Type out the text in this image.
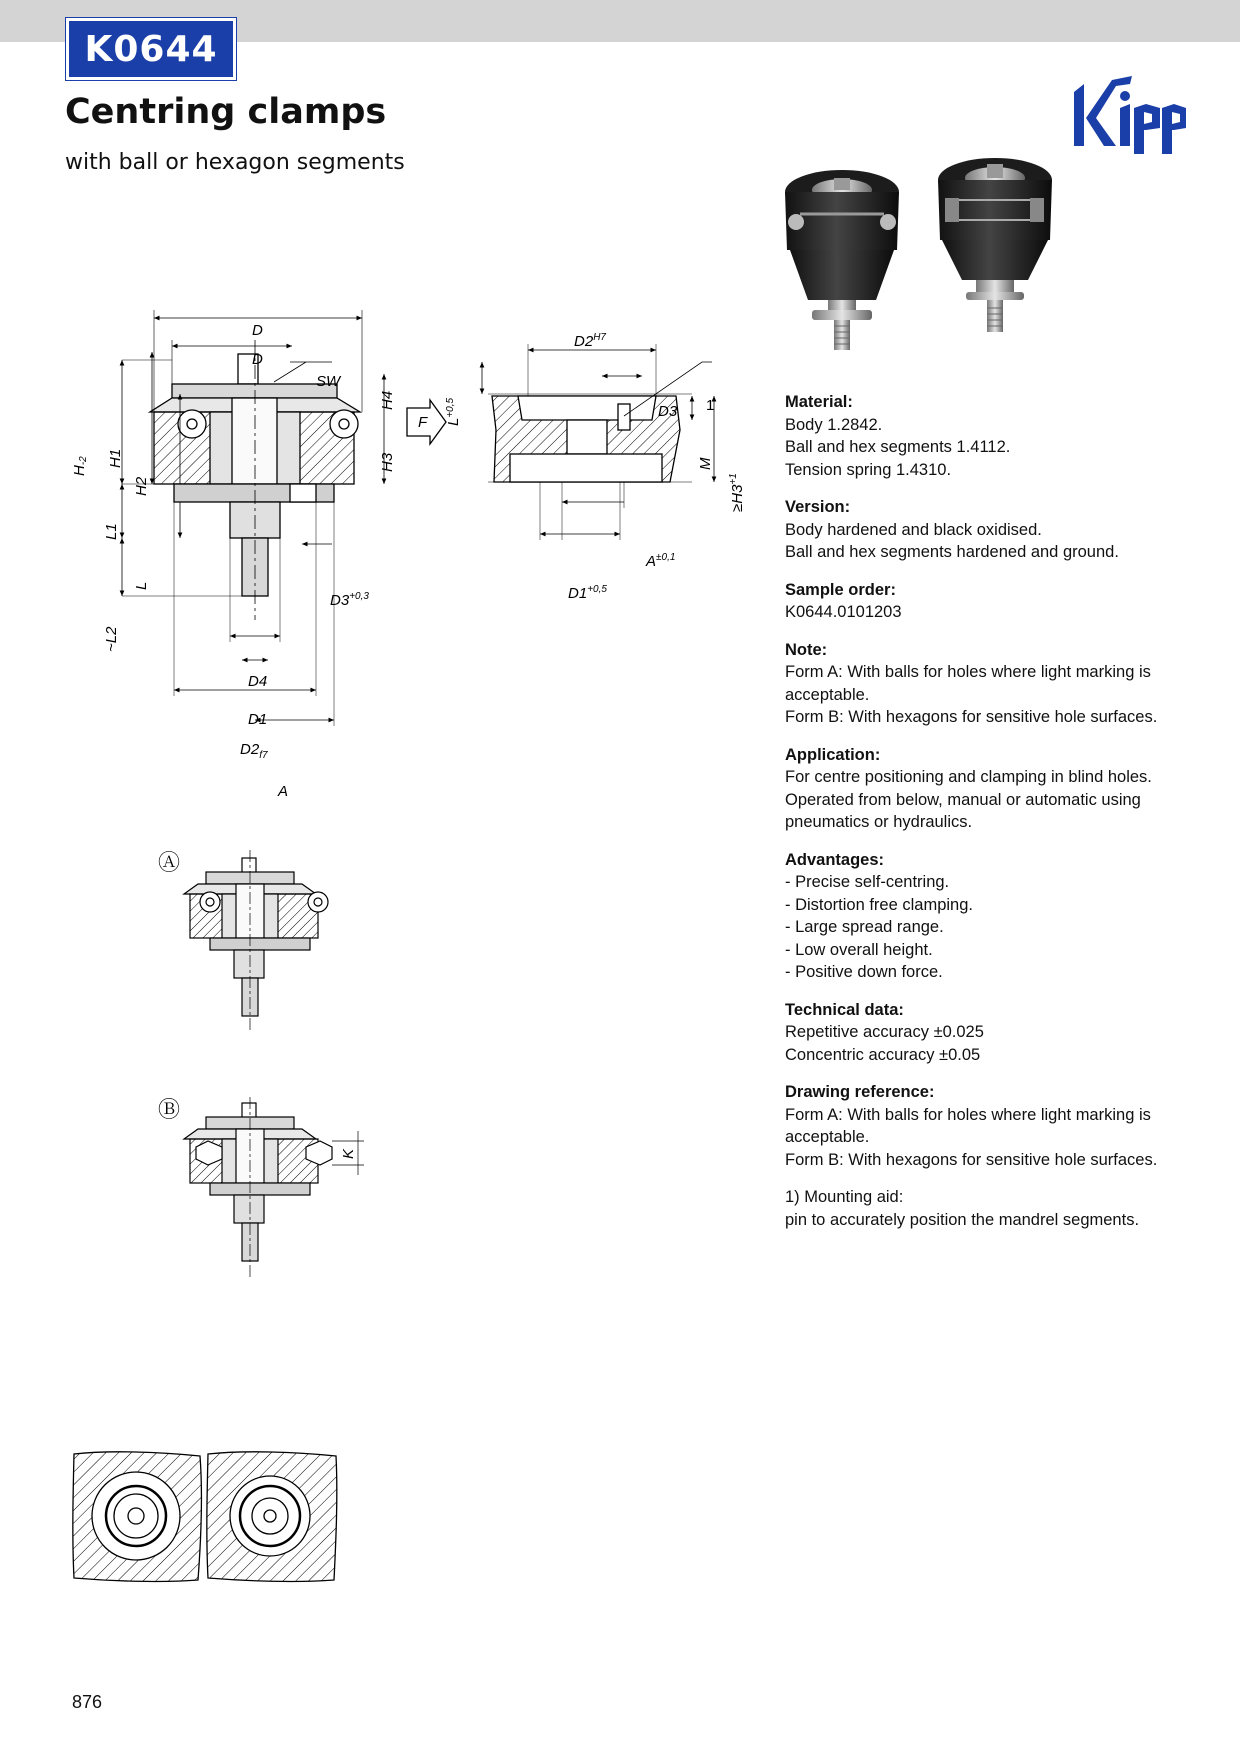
K0644
Centring clamps

with ball or hexagon segments

D
D
SW
H-2 H1
H2
H3
H4
L1
L
~L2
F
$D3^{+0,3}$
D4
D1
$D2_{f7}$
A
$L^{+0,5}$
$D2^{H7}$
D3 1
M
$\ge H3^{+1}$
$A^{\pm 0,1}$
$D1^{+0,5}$
Ⓐ
Ⓑ
K
Material:
Body 1.2842.
Ball and hex segments 1.4112.
Tension spring 1.4310.
Version:
Body hardened and black oxidised.
Ball and hex segments hardened and ground.
Sample order:
K0644.0101203
Note:
Form A: With balls for holes where light marking is
acceptable.
Form B: With hexagons for sensitive hole surfaces.
Application:
For centre positioning and clamping in blind holes.
Operated from below, manual or automatic using
pneumatics or hydraulics.
Advantages:
- Precise self-centring.
- Distortion free clamping.
- Large spread range.
- Low overall height.
- Positive down force.
Technical data:
Repetitive accuracy ±0.025
Concentric accuracy ±0.05
Drawing reference:
Form A: With balls for holes where light marking is
acceptable.
Form B: With hexagons for sensitive hole surfaces.
1) Mounting aid:
pin to accurately position the mandrel segments.
876
